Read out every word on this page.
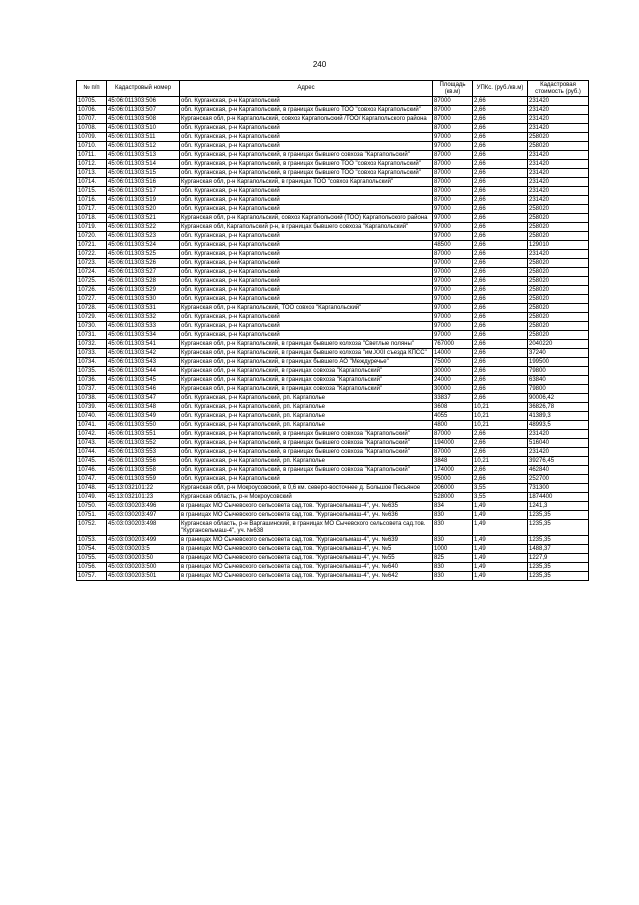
240
№ п/п	Кадастровый номер	Адрес	Площадь (кв.м)	УПКс. (руб./кв.м)	Кадастровая стоимость (руб.)
10705.	45:06:011303:506	обл. Курганская, р-н Каргапольский	87000	2,66	231420
10706.	45:06:011303:507	обл. Курганская, р-н Каргапольский, в границах бывшего ТОО "совхоз Каргапольский"	87000	2,66	231420
10707.	45:06:011303:508	Курганская обл, р-н Каргапольский, совхоз Каргапольский /ТОО/ Каргапольского района	87000	2,66	231420
10708.	45:06:011303:510	обл. Курганская, р-н Каргапольский	87000	2,66	231420
10709.	45:06:011303:511	обл. Курганская, р-н Каргапольский	97000	2,66	258020
10710.	45:06:011303:512	обл. Курганская, р-н Каргапольский	97000	2,66	258020
10711.	45:06:011303:513	обл. Курганская, р-н Каргапольский, в границах бывшего совхоза "Каргапольский"	87000	2,66	231420
10712.	45:06:011303:514	обл. Курганская, р-н Каргапольский, в границах бывшего ТОО "совхоз Каргапольский"	87000	2,66	231420
10713.	45:06:011303:515	обл. Курганская, р-н Каргапольский, в границах бывшего ТОО "совхоз Каргапольский"	87000	2,66	231420
10714.	45:06:011303:516	Курганская обл, р-н Каргапольский, в границах ТОО "совхоз Каргапольский"	87000	2,66	231420
10715.	45:06:011303:517	обл. Курганская, р-н Каргапольский	87000	2,66	231420
10716.	45:06:011303:519	обл. Курганская, р-н Каргапольский	87000	2,66	231420
10717.	45:06:011303:520	обл. Курганская, р-н Каргапольский	97000	2,66	258020
10718.	45:06:011303:521	Курганская обл, р-н Каргапольский, совхоз Каргапольский (ТОО) Каргапольского района	97000	2,66	258020
10719.	45:06:011303:522	Курганская обл, Каргапольский р-н, в границах бывшего совхоза "Каргапольский"	97000	2,66	258020
10720.	45:06:011303:523	обл. Курганская, р-н Каргапольский	97000	2,66	258020
10721.	45:06:011303:524	обл. Курганская, р-н Каргапольский	48500	2,66	129010
10722.	45:06:011303:525	обл. Курганская, р-н Каргапольский	87000	2,66	231420
10723.	45:06:011303:526	обл. Курганская, р-н Каргапольский	97000	2,66	258020
10724.	45:06:011303:527	обл. Курганская, р-н Каргапольский	97000	2,66	258020
10725.	45:06:011303:528	обл. Курганская, р-н Каргапольский	97000	2,66	258020
10726.	45:06:011303:529	обл. Курганская, р-н Каргапольский	97000	2,66	258020
10727.	45:06:011303:530	обл. Курганская, р-н Каргапольский	97000	2,66	258020
10728.	45:06:011303:531	Курганская обл, р-н Каргапольский, ТОО совхоз "Каргапольский"	97000	2,66	258020
10729.	45:06:011303:532	обл. Курганская, р-н Каргапольский	97000	2,66	258020
10730.	45:06:011303:533	обл. Курганская, р-н Каргапольский	97000	2,66	258020
10731.	45:06:011303:534	обл. Курганская, р-н Каргапольский	97000	2,66	258020
10732.	45:06:011303:541	Курганская обл, р-н Каргапольский, в границах бывшего колхоза "Светлые поляны"	767000	2,66	2040220
10733.	45:06:011303:542	Курганская обл, р-н Каргапольский, в границах бывшего колхоза "им.XXII съезда КПСС"	14000	2,66	37240
10734.	45:06:011303:543	Курганская обл, р-н Каргапольский, в границах бывшего АО "Междуречье"	75000	2,66	199500
10735.	45:06:011303:544	Курганская обл, р-н Каргапольский, в границах совхоза "Каргапольский"	30000	2,66	79800
10736.	45:06:011303:545	Курганская обл, р-н Каргапольский, в границах совхоза "Каргапольский"	24000	2,66	63840
10737.	45:06:011303:546	Курганская обл, р-н Каргапольский, в границах совхоза "Каргапольский"	30000	2,66	79800
10738.	45:06:011303:547	обл. Курганская, р-н Каргапольский, рп. Каргаполье	33837	2,66	90006,42
10739.	45:06:011303:548	обл. Курганская, р-н Каргапольский, рп. Каргаполье	3608	10,21	36826,78
10740.	45:06:011303:549	обл. Курганская, р-н Каргапольский, рп. Каргаполье	4055	10,21	41389,3
10741.	45:06:011303:550	обл. Курганская, р-н Каргапольский, рп. Каргаполье	4800	10,21	48993,5
10742.	45:06:011303:551	обл. Курганская, р-н Каргапольский, в границах бывшего совхоза "Каргапольский"	87000	2,66	231420
10743.	45:06:011303:552	обл. Курганская, р-н Каргапольский, в границах бывшего совхоза "Каргапольский"	194000	2,66	516040
10744.	45:06:011303:553	обл. Курганская, р-н Каргапольский, в границах бывшего совхоза "Каргапольский"	87000	2,66	231420
10745.	45:06:011303:556	обл. Курганская, р-н Каргапольский, рп. Каргаполье	3848	10,21	39276,45
10746.	45:06:011303:558	обл. Курганская, р-н Каргапольский, в границах бывшего совхоза "Каргапольский"	174000	2,66	462840
10747.	45:06:011303:559	обл. Курганская, р-н Каргапольский	95000	2,66	252700
10748.	45:13:032101:22	Курганская обл, р-н Мокроусовский, в 0,6 км. северо-восточнее д. Большое Песьяное	206000	3,55	731300
10749.	45:13:032101:23	Курганская область, р-н Мокроусовский	528000	3,55	1874400
10750.	45:03:030203:496	в границах МО Сычевского сельсовета сад.тов. "Кургансельмаш-4", уч. №635	834	1,49	1241,3
10751.	45:03:030203:497	в границах МО Сычевского сельсовета сад.тов. "Кургансельмаш-4", уч. №636	830	1,49	1235,35
10752.	45:03:030203:498	Курганская область, р-н Варгашинский, в границах МО Сычевского сельсовета сад.тов. "Кургансельмаш-4", уч. №638	830	1,49	1235,35
10753.	45:03:030203:499	в границах МО Сычевского сельсовета сад.тов. "Кургансельмаш-4", уч. №639	830	1,49	1235,35
10754.	45:03:030203:5	в границах МО Сычевского сельсовета сад.тов. "Кургансельмаш-4", уч. №5	1000	1,49	1488,37
10755.	45:03:030203:50	в границах МО Сычевского сельсовета сад.тов. "Кургансельмаш-4", уч. №55	825	1,49	1227,9
10756.	45:03:030203:500	в границах МО Сычевского сельсовета сад.тов. "Кургансельмаш-4", уч. №640	830	1,49	1235,35
10757.	45:03:030203:501	в границах МО Сычевского сельсовета сад.тов. "Кургансельмаш-4", уч. №642	830	1,49	1235,35
